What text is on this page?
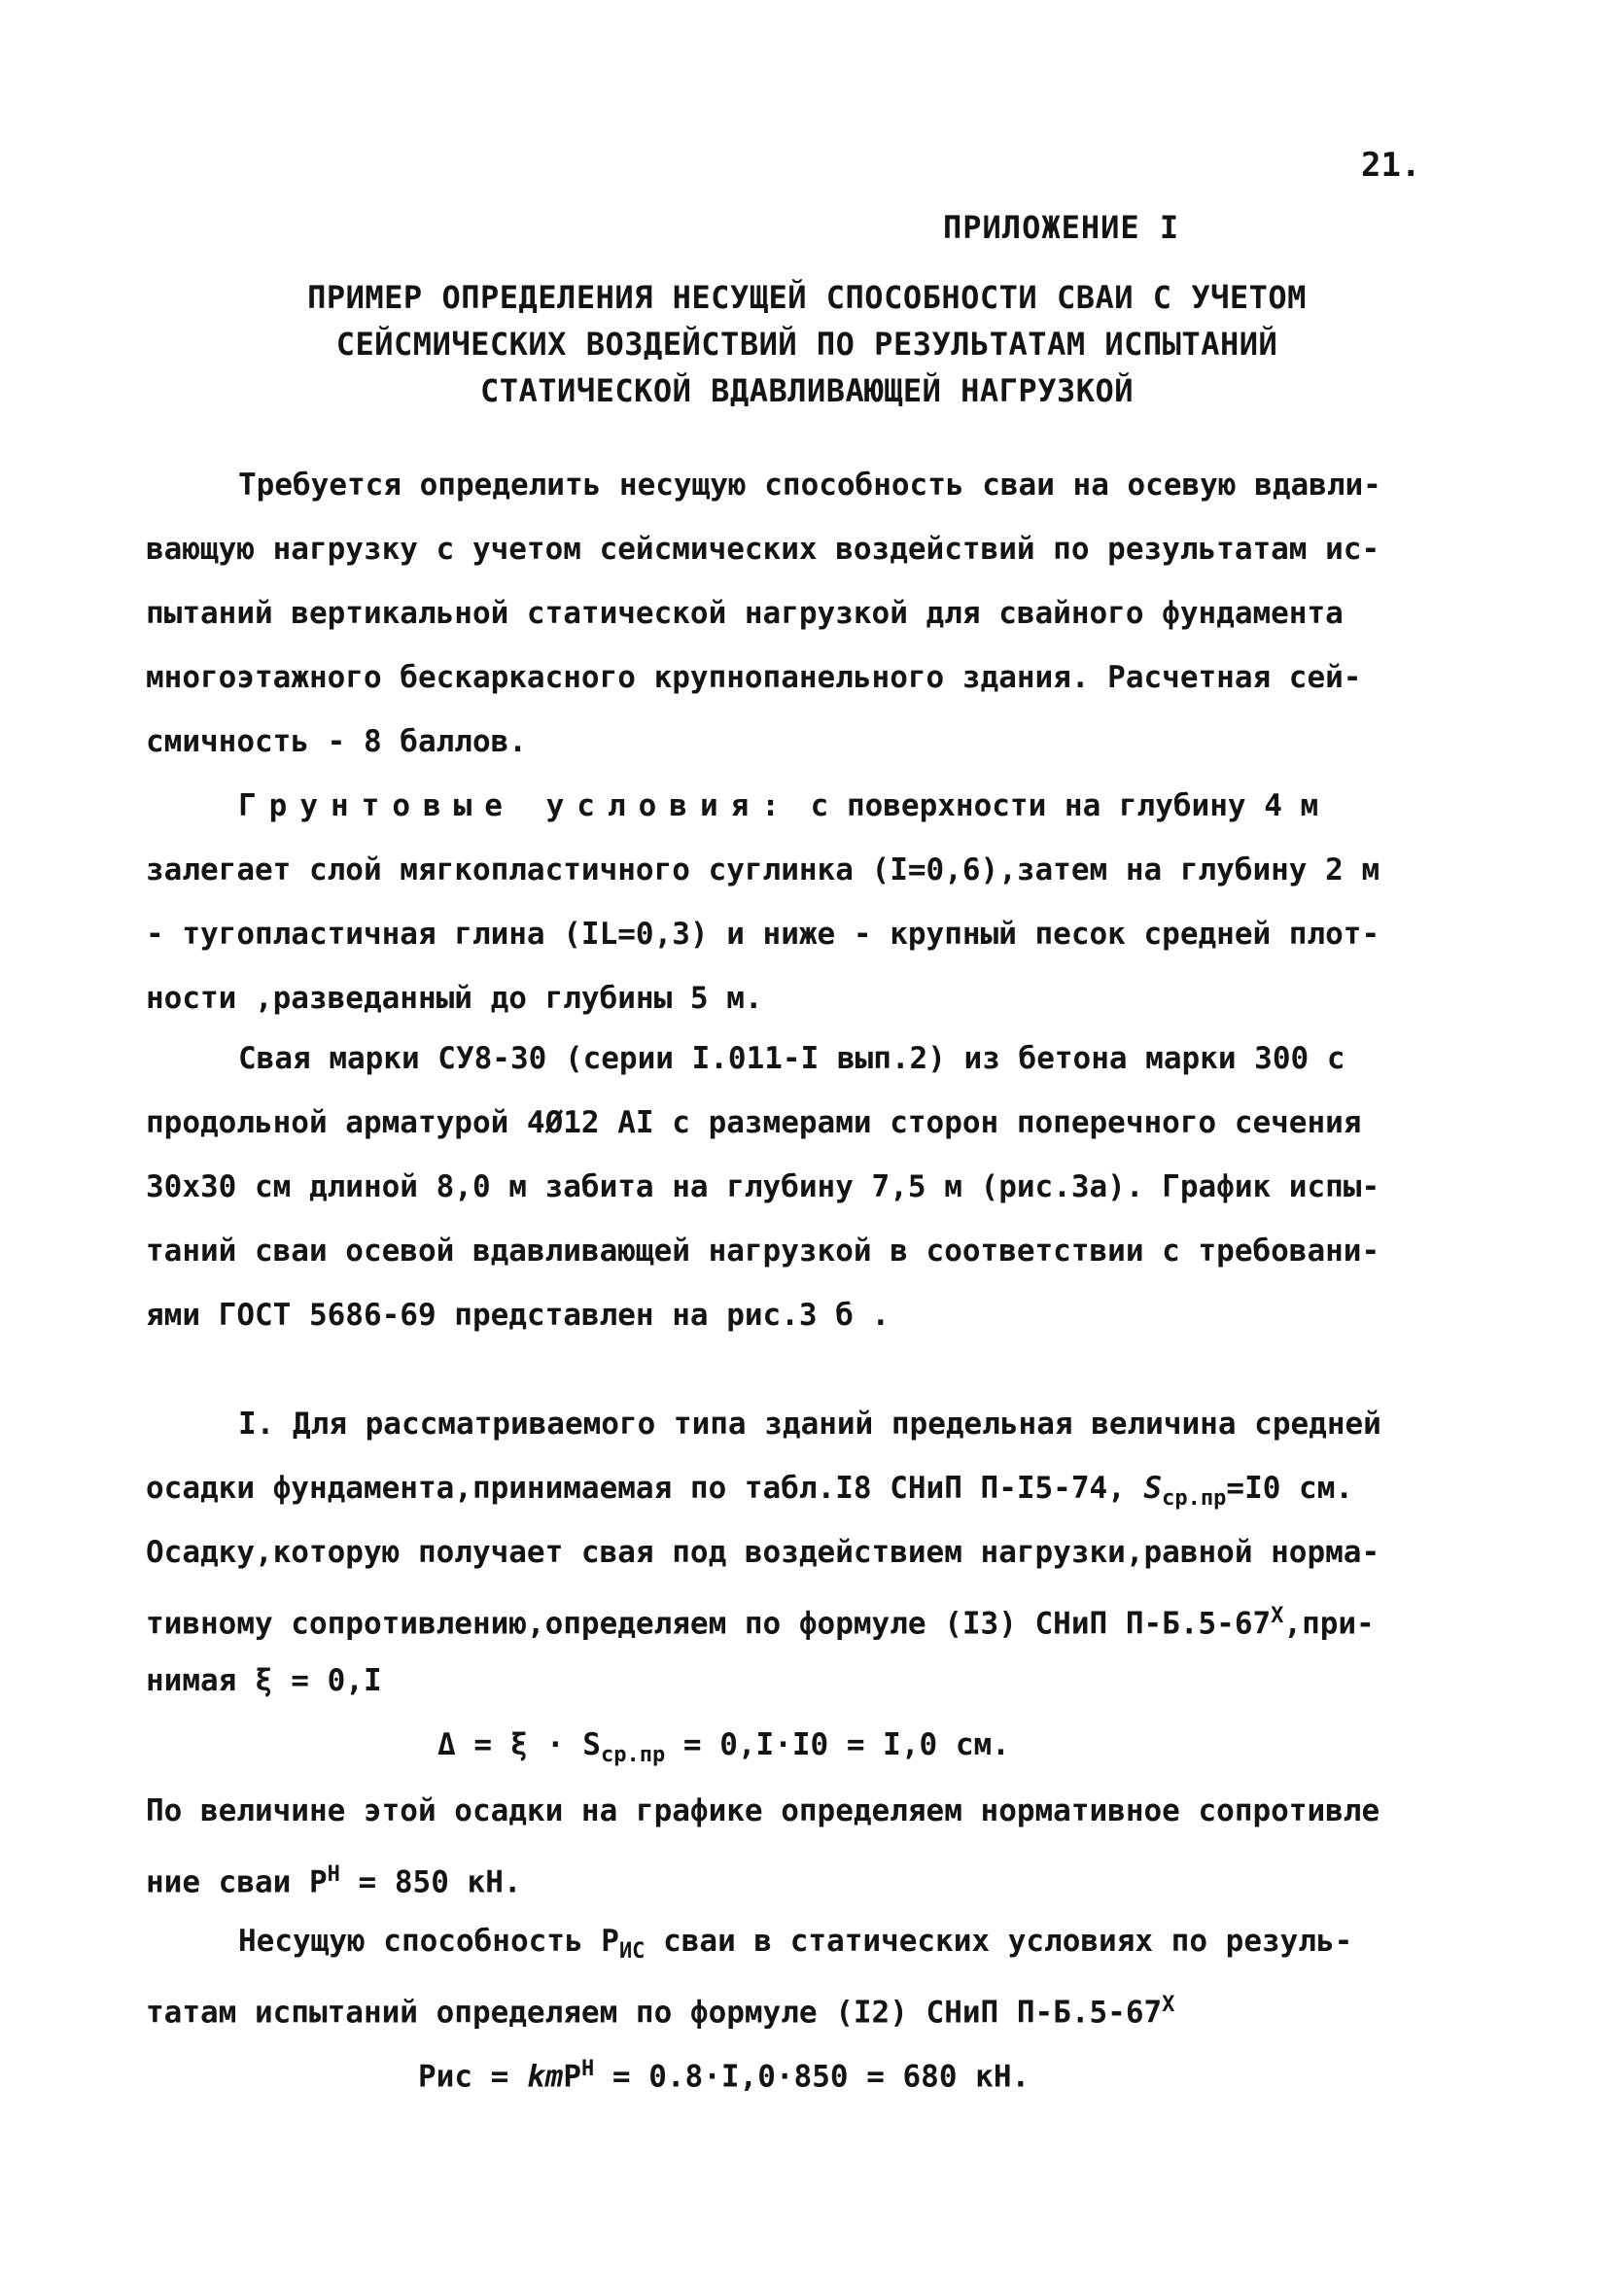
21.
ПРИЛОЖЕНИЕ I
ПРИМЕР ОПРЕДЕЛЕНИЯ НЕСУЩЕЙ СПОСОБНОСТИ СВАИ С УЧЕТОМ
СЕЙСМИЧЕСКИХ ВОЗДЕЙСТВИЙ ПО РЕЗУЛЬТАТАМ ИСПЫТАНИЙ
СТАТИЧЕСКОЙ ВДАВЛИВАЮЩЕЙ НАГРУЗКОЙ
Требуется определить несущую способность сваи на осевую вдавли-
вающую нагрузку с учетом сейсмических воздействий по результатам ис-
пытаний вертикальной статической нагрузкой для свайного фундамента
многоэтажного бескаркасного крупнопанельного здания. Расчетная сей-
смичность - 8 баллов.
Грунтовые условия: с поверхности на глубину 4 м
залегает слой мягкопластичного суглинка (I=0,6),затем на глубину 2 м
- тугопластичная глина (IL=0,3) и ниже - крупный песок средней плот-
ности ,разведанный до глубины 5 м.
Свая марки СУ8-30 (серии I.011-I вып.2) из бетона марки 300 с
продольной арматурой 4Ø12 AI с размерами сторон поперечного сечения
30х30 см длиной 8,0 м забита на глубину 7,5 м (рис.3а). График испы-
таний сваи осевой вдавливающей нагрузкой в соответствии с требовани-
ями ГОСТ 5686-69 представлен на рис.3 б .
I. Для рассматриваемого типа зданий предельная величина средней
осадки фундамента,принимаемая по табл.I8 СНиП П-I5-74, $S_{ср.пр}=I0$ см.
Осадку,которую получает свая под воздействием нагрузки,равной норма-
тивному сопротивлению,определяем по формуле (I3) СНиП $П-Б.5-67^Х,при-$
нимая ξ = 0,I
$\Delta = \xi \cdot S_{ср.пр} = 0,I\cdot I0 = I,0$ см.
По величине этой осадки на графике определяем нормативное сопротивле
ние сваи $P^Н = 850$ кН.
Несущую способность $P_{ИС}$ сваи в статических условиях по резуль-
татам испытаний определяем по формуле (I2) СНиП $П-Б.5-67^Х$
Pис = kmP$^Н$ = 0.8·I,0·850 = 680 кН.
